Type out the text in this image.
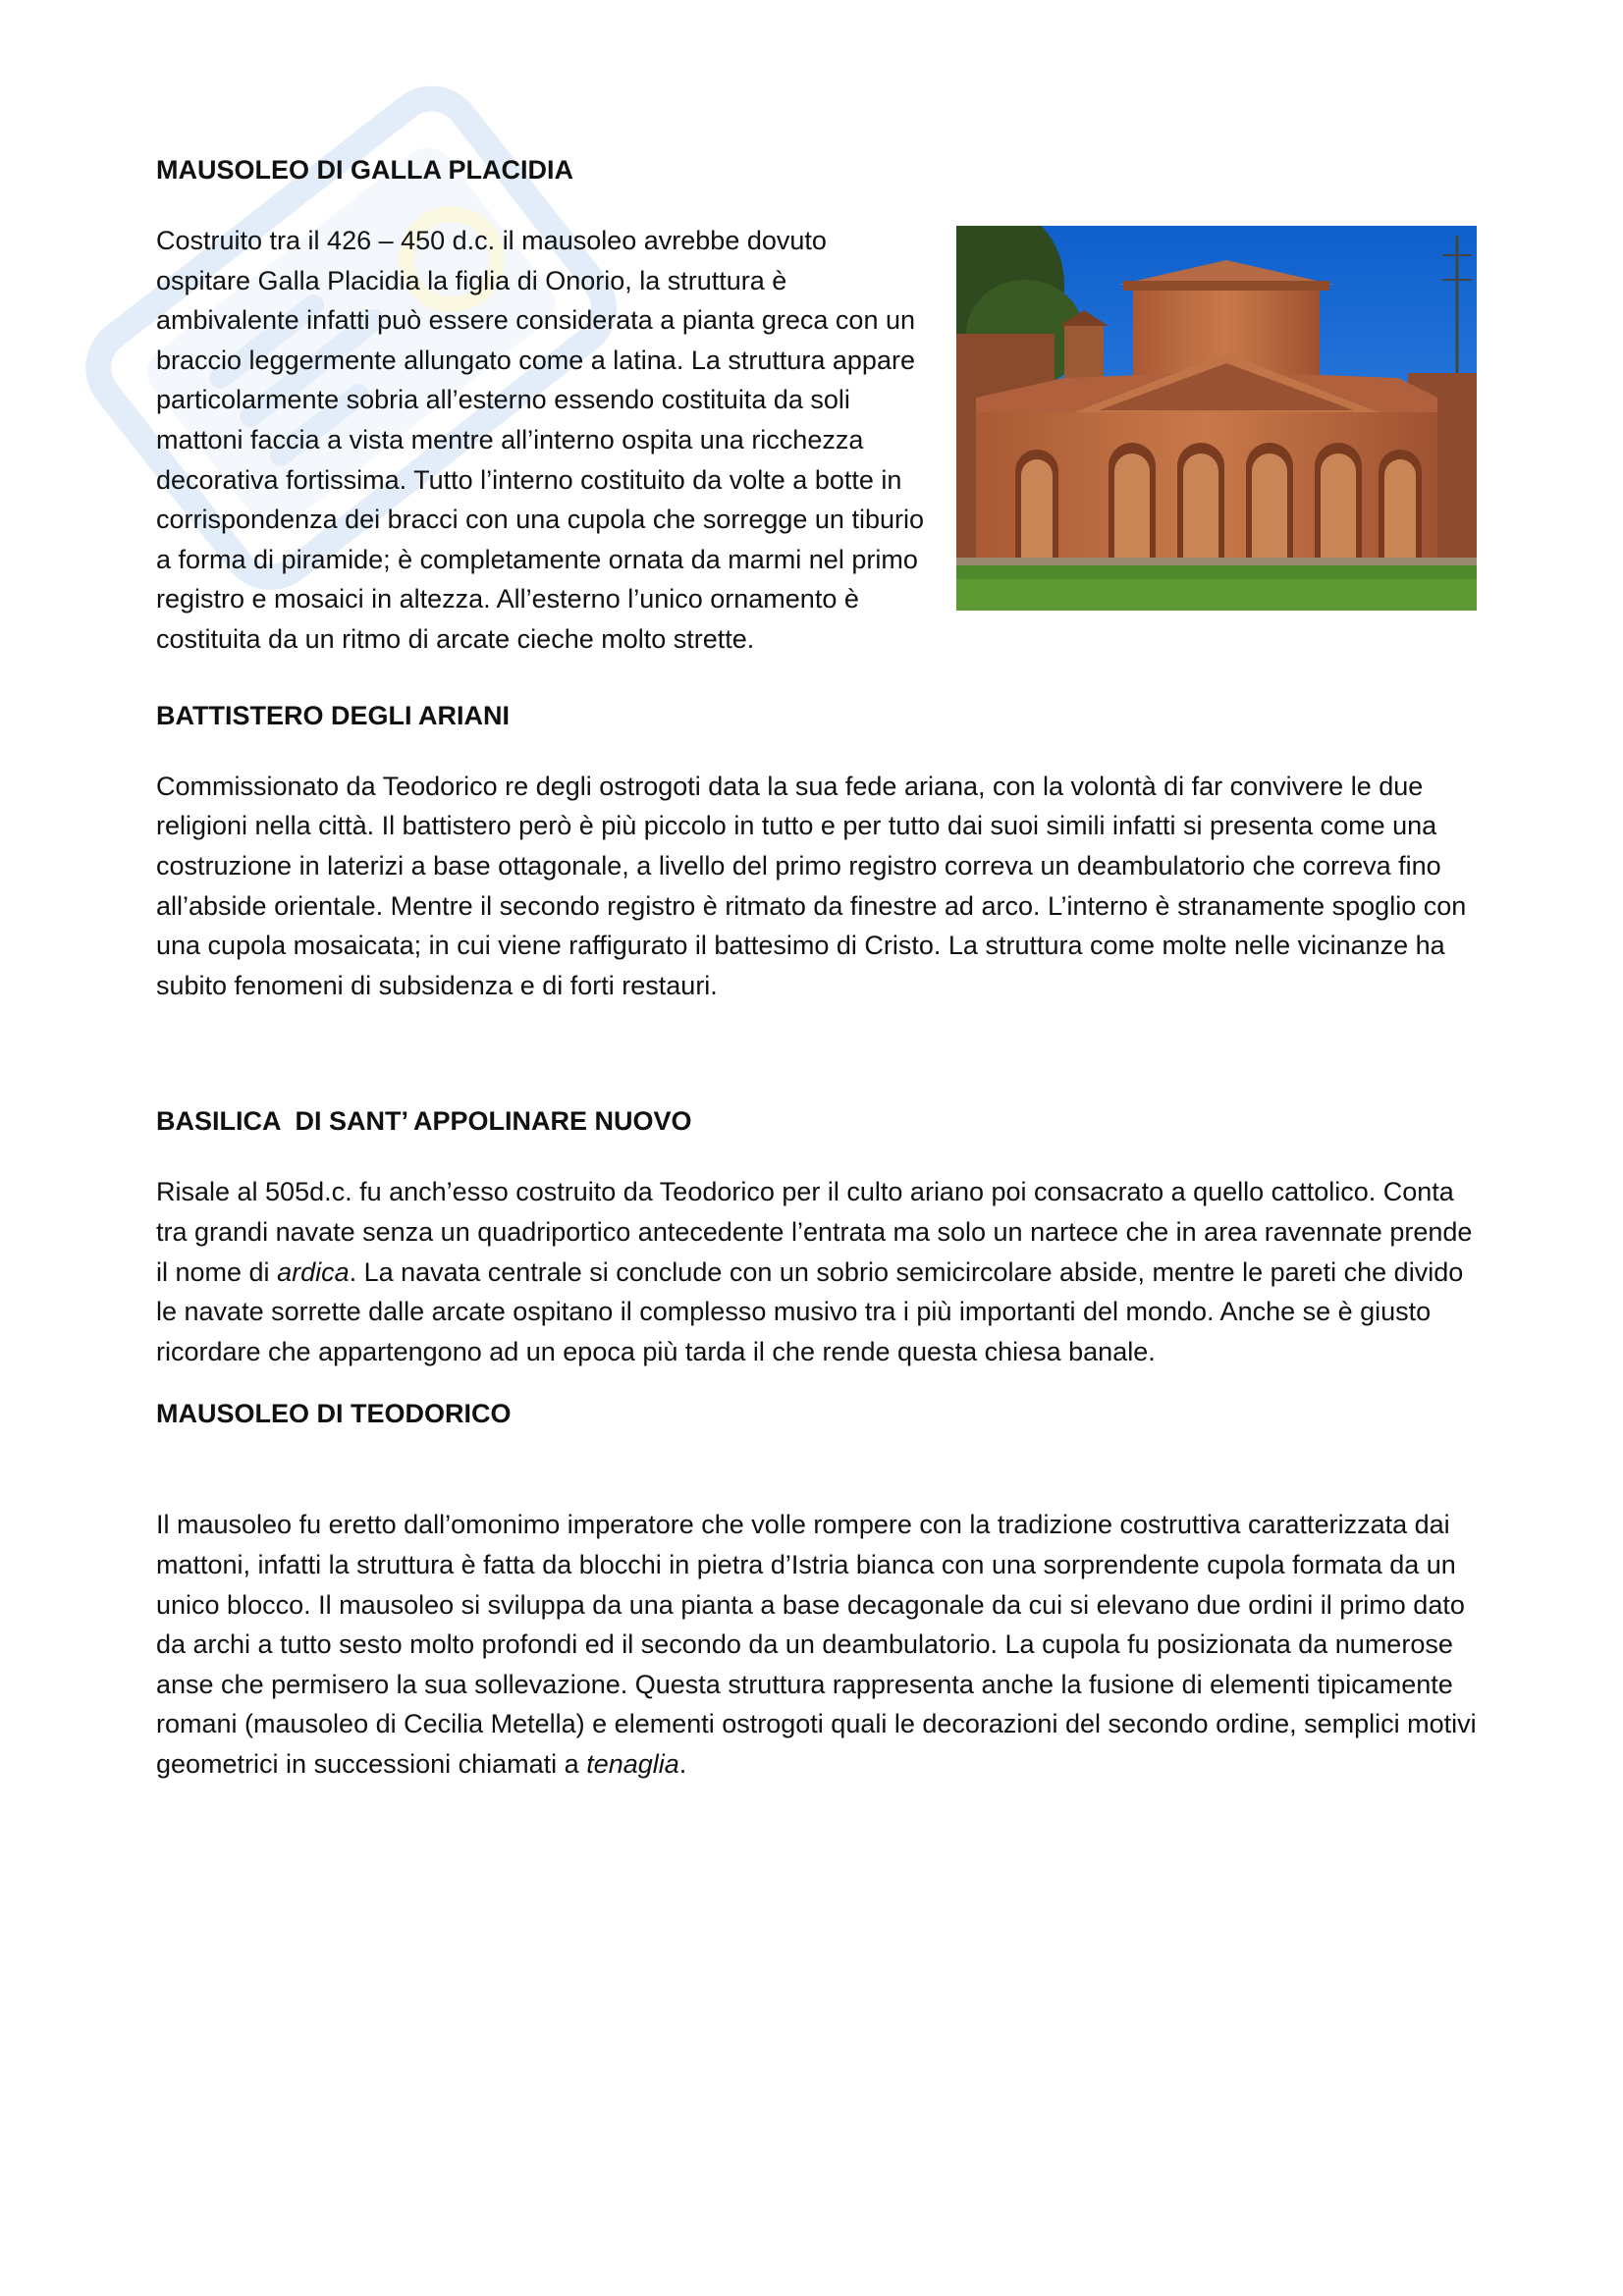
MAUSOLEO DI GALLA PLACIDIA

Costruito tra il 426 – 450 d.c. il mausoleo avrebbe dovuto ospitare Galla Placidia la figlia di Onorio, la struttura è ambivalente infatti può essere considerata a pianta greca con un braccio leggermente allungato come a latina. La struttura appare particolarmente sobria all’esterno essendo costituita da soli mattoni faccia a vista mentre all’interno ospita una ricchezza decorativa fortissima. Tutto l’interno costituito da volte a botte in corrispondenza dei bracci con una cupola che sorregge un tiburio a forma di piramide; è completamente ornata da marmi nel primo registro e mosaici in altezza. All’esterno l’unico ornamento è costituita da un ritmo di arcate cieche molto strette.

BATTISTERO DEGLI ARIANI

Commissionato da Teodorico re degli ostrogoti data la sua fede ariana, con la volontà di far convivere le due religioni nella città. Il battistero però è più piccolo in tutto e per tutto dai suoi simili infatti si presenta come una costruzione in laterizi a base ottagonale, a livello del primo registro correva un deambulatorio che correva fino all’abside orientale. Mentre il secondo registro è ritmato da finestre ad arco. L’interno è stranamente spoglio con una cupola mosaicata; in cui viene raffigurato il battesimo di Cristo. La struttura come molte nelle vicinanze ha subito fenomeni di subsidenza e di forti restauri.

BASILICA  DI SANT’ APPOLINARE NUOVO

Risale al 505d.c. fu anch’esso costruito da Teodorico per il culto ariano poi consacrato a quello cattolico. Conta tra grandi navate senza un quadriportico antecedente l’entrata ma solo un nartece che in area ravennate prende il nome di ardica. La navata centrale si conclude con un sobrio semicircolare abside, mentre le pareti che divido le navate sorrette dalle arcate ospitano il complesso musivo tra i più importanti del mondo. Anche se è giusto ricordare che appartengono ad un epoca più tarda il che rende questa chiesa banale.

MAUSOLEO DI TEODORICO

Il mausoleo fu eretto dall’omonimo imperatore che volle rompere con la tradizione costruttiva caratterizzata dai mattoni, infatti la struttura è fatta da blocchi in pietra d’Istria bianca con una sorprendente cupola formata da un unico blocco. Il mausoleo si sviluppa da una pianta a base decagonale da cui si elevano due ordini il primo dato da archi a tutto sesto molto profondi ed il secondo da un deambulatorio. La cupola fu posizionata da numerose anse che permisero la sua sollevazione. Questa struttura rappresenta anche la fusione di elementi tipicamente romani (mausoleo di Cecilia Metella) e elementi ostrogoti quali le decorazioni del secondo ordine, semplici motivi geometrici in successioni chiamati a tenaglia.
